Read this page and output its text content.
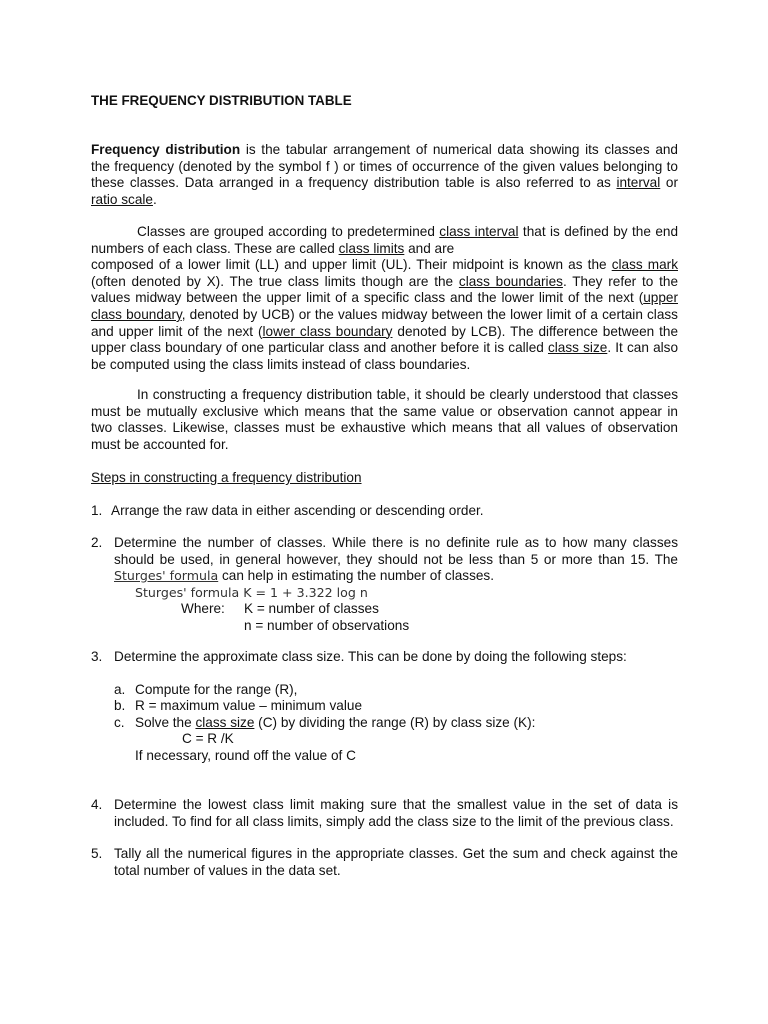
THE FREQUENCY DISTRIBUTION TABLE

Frequency distribution is the tabular arrangement of numerical data showing its classes and the frequency (denoted by the symbol f ) or times of occurrence of the given values belonging to these classes. Data arranged in a frequency distribution table is also referred to as interval or ratio scale.

Classes are grouped according to predetermined class interval that is defined by the end numbers of each class. These are called class limits and are

composed of a lower limit (LL) and upper limit (UL). Their midpoint is known as the class mark (often denoted by X). The true class limits though are the class boundaries. They refer to the values midway between the upper limit of a specific class and the lower limit of the next (upper class boundary, denoted by UCB) or the values midway between the lower limit of a certain class and upper limit of the next (lower class boundary denoted by LCB). The difference between the upper class boundary of one particular class and another before it is called class size. It can also be computed using the class limits instead of class boundaries.

In constructing a frequency distribution table, it should be clearly understood that classes must be mutually exclusive which means that the same value or observation cannot appear in two classes. Likewise, classes must be exhaustive which means that all values of observation must be accounted for.

Steps in constructing a frequency distribution
1. Arrange the raw data in either ascending or descending order.
2. Determine the number of classes. While there is no definite rule as to how many classes should be used, in general however, they should not be less than 5 or more than 15. The Sturges' formula can help in estimating the number of classes.

Sturges' formula K = 1 + 3.322 log n
Where: K = number of classes
n = number of observations
3. Determine the approximate class size. This can be done by doing the following steps:
a. Compute for the range (R),
b. R = maximum value – minimum value
c. Solve the class size (C) by dividing the range (R) by class size (K):
C = R /K
If necessary, round off the value of C
4. Determine the lowest class limit making sure that the smallest value in the set of data is included. To find for all class limits, simply add the class size to the limit of the previous class.

5. Tally all the numerical figures in the appropriate classes. Get the sum and check against the total number of values in the data set.
